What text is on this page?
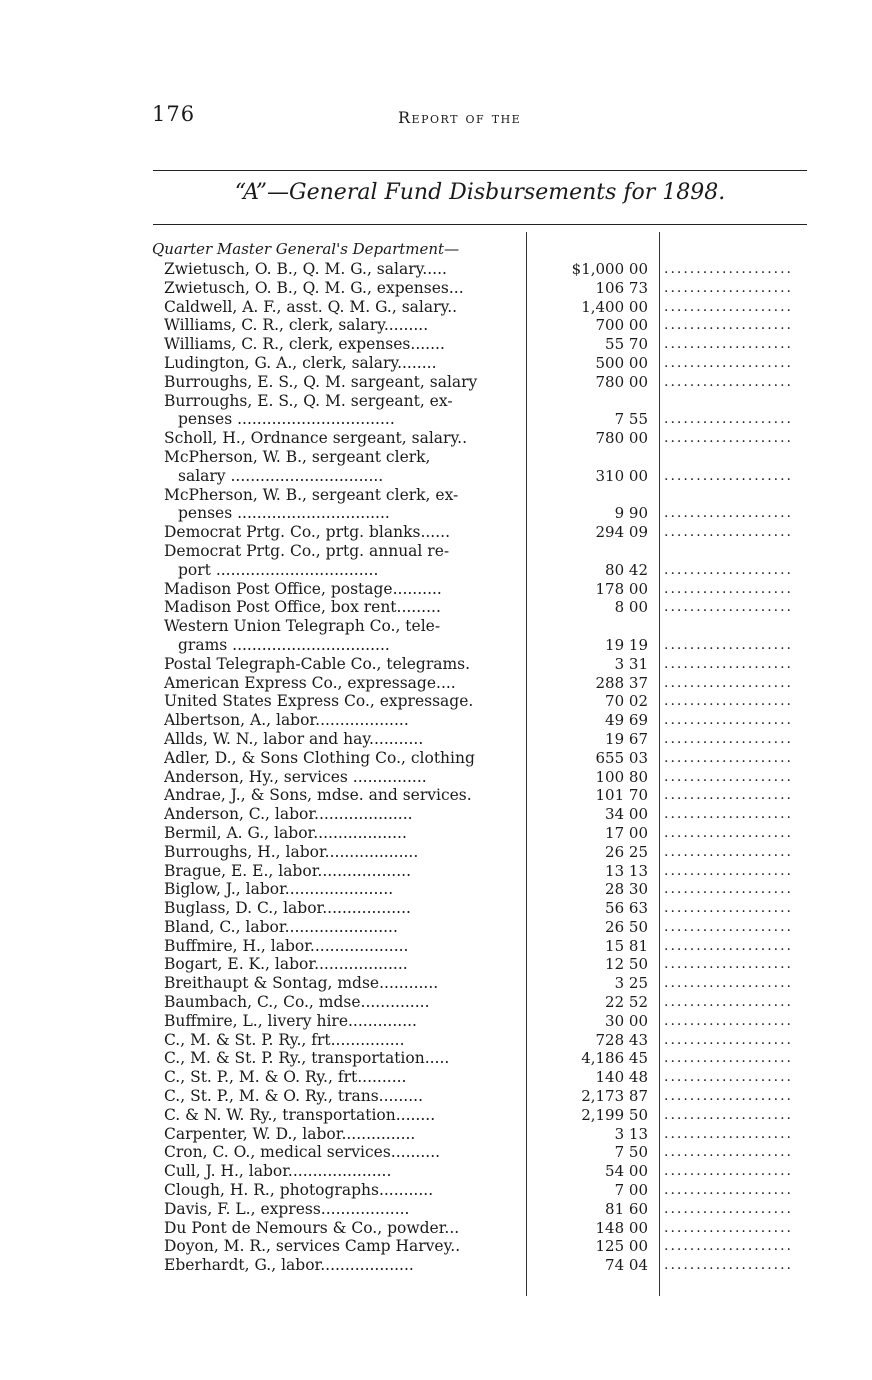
176	Report of the
“A”—General Fund Disbursements for 1898.
Quarter Master General's Department—
Zwietusch, O. B., Q. M. G., salary.....	$1,000 00 ....................
Zwietusch, O. B., Q. M. G., expenses...	106 73 ....................
Caldwell, A. F., asst. Q. M. G., salary..	1,400 00 ....................
Williams, C. R., clerk, salary.........	700 00 ....................
Williams, C. R., clerk, expenses.......	55 70 ....................
Ludington, G. A., clerk, salary........	500 00 ....................
Burroughs, E. S., Q. M. sargeant, salary	780 00 ....................
Burroughs, E. S., Q. M. sergeant, ex-
penses ................................	7 55 ....................
Scholl, H., Ordnance sergeant, salary..	780 00 ....................
McPherson, W. B., sergeant clerk,
salary ...............................	310 00 ....................
McPherson, W. B., sergeant clerk, ex-
penses ...............................	9 90 ....................
Democrat Prtg. Co., prtg. blanks......	294 09 ....................
Democrat Prtg. Co., prtg. annual re-
port .................................	80 42 ....................
Madison Post Office, postage..........	178 00 ....................
Madison Post Office, box rent.........	8 00 ....................
Western Union Telegraph Co., tele-
grams ................................	19 19 ....................
Postal Telegraph-Cable Co., telegrams.	3 31 ....................
American Express Co., expressage....	288 37 ....................
United States Express Co., expressage.	70 02 ....................
Albertson, A., labor...................	49 69 ....................
Allds, W. N., labor and hay...........	19 67 ....................
Adler, D., & Sons Clothing Co., clothing	655 03 ....................
Anderson, Hy., services ...............	100 80 ....................
Andrae, J., & Sons, mdse. and services.	101 70 ....................
Anderson, C., labor....................	34 00 ....................
Bermil, A. G., labor...................	17 00 ....................
Burroughs, H., labor...................	26 25 ....................
Brague, E. E., labor...................	13 13 ....................
Biglow, J., labor......................	28 30 ....................
Buglass, D. C., labor..................	56 63 ....................
Bland, C., labor.......................	26 50 ....................
Buffmire, H., labor....................	15 81 ....................
Bogart, E. K., labor...................	12 50 ....................
Breithaupt & Sontag, mdse............	3 25 ....................
Baumbach, C., Co., mdse..............	22 52 ....................
Buffmire, L., livery hire..............	30 00 ....................
C., M. & St. P. Ry., frt...............	728 43 ....................
C., M. & St. P. Ry., transportation.....	4,186 45 ....................
C., St. P., M. & O. Ry., frt..........	140 48 ....................
C., St. P., M. & O. Ry., trans.........	2,173 87 ....................
C. & N. W. Ry., transportation........	2,199 50 ....................
Carpenter, W. D., labor...............	3 13 ....................
Cron, C. O., medical services..........	7 50 ....................
Cull, J. H., labor.....................	54 00 ....................
Clough, H. R., photographs...........	7 00 ....................
Davis, F. L., express..................	81 60 ....................
Du Pont de Nemours & Co., powder...	148 00 ....................
Doyon, M. R., services Camp Harvey..	125 00 ....................
Eberhardt, G., labor...................	74 04 ....................
